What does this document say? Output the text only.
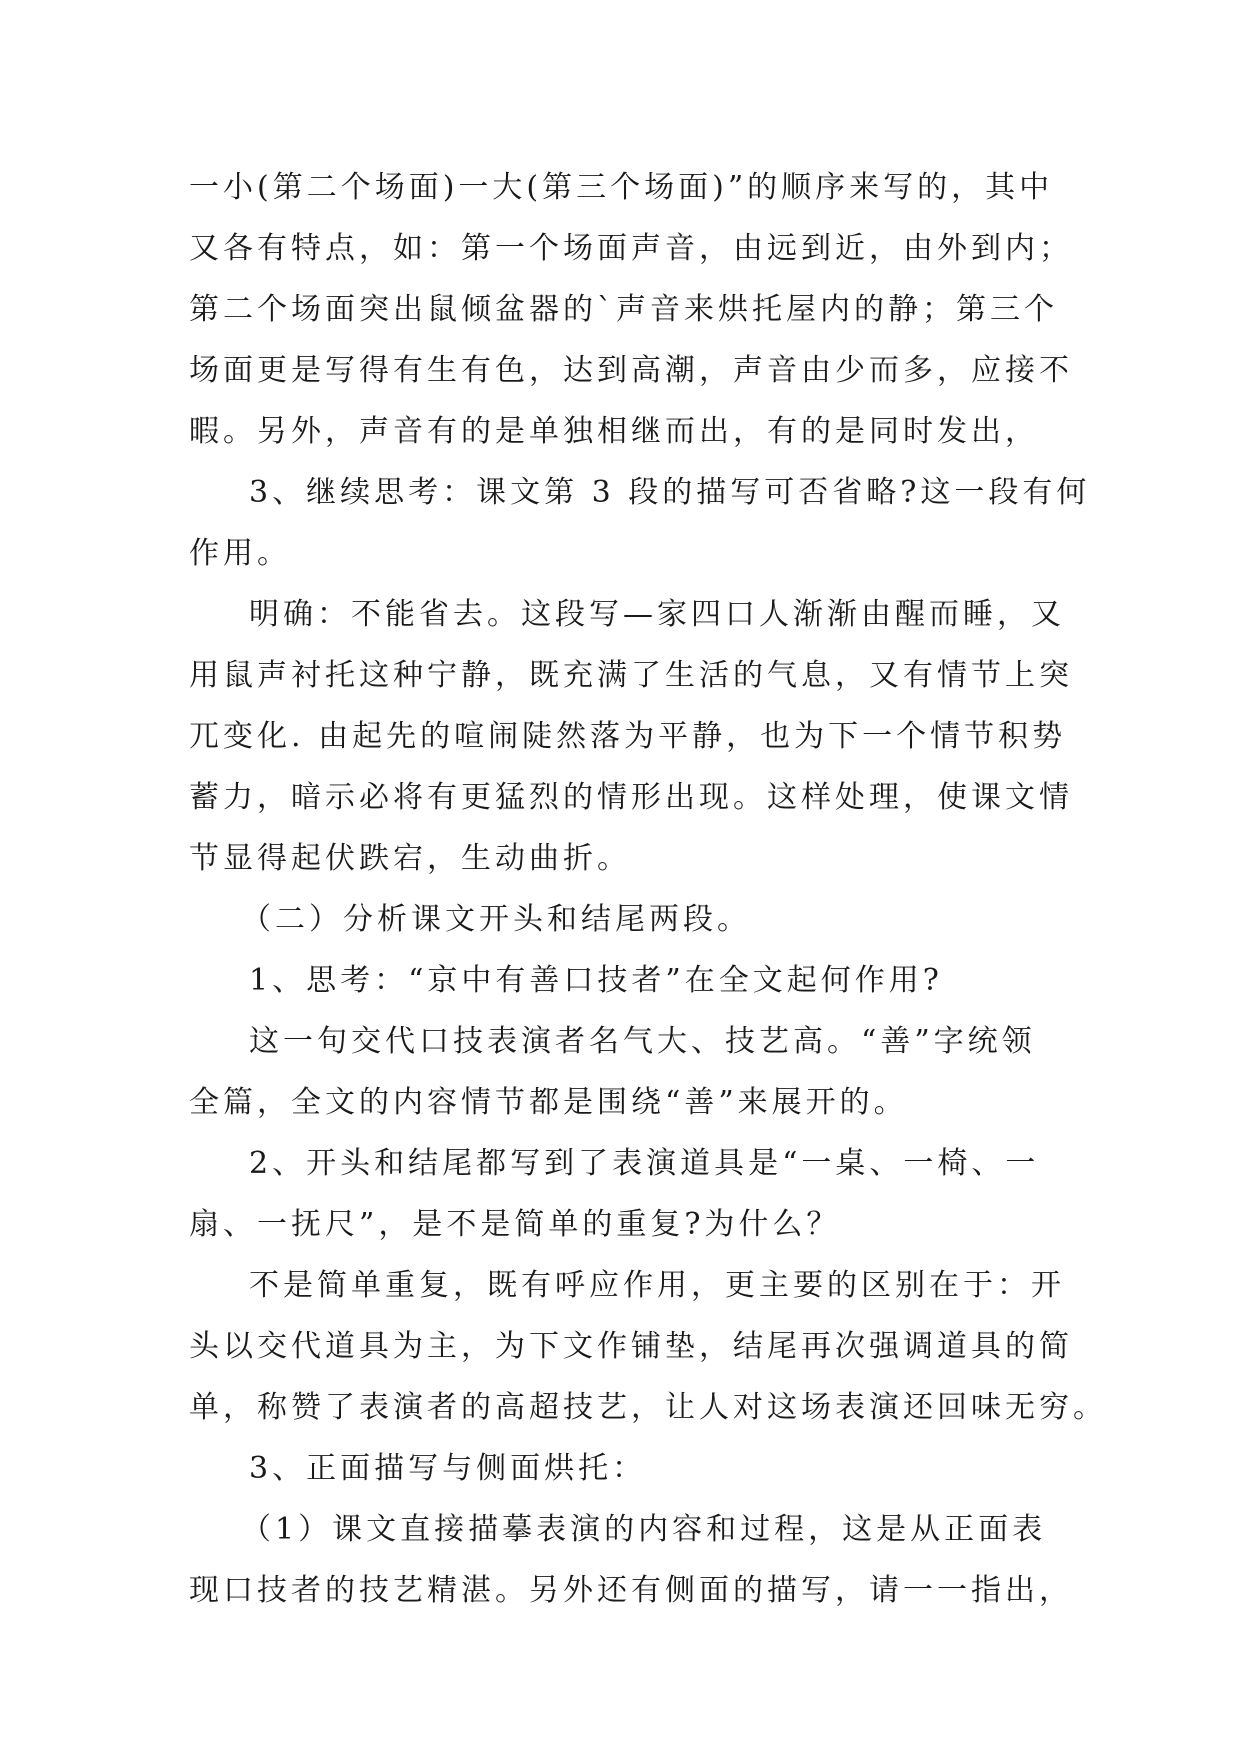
一小(第二个场面)一大(第三个场面)”的顺序来写的，其中
又各有特点，如：第一个场面声音，由远到近，由外到内；
第二个场面突出鼠倾盆器的`声音来烘托屋内的静；第三个
场面更是写得有生有色，达到高潮，声音由少而多，应接不
暇。另外，声音有的是单独相继而出，有的是同时发出，
3、继续思考：课文第 3 段的描写可否省略?这一段有何
作用。
明确：不能省去。这段写—家四口人渐渐由醒而睡，又
用鼠声衬托这种宁静，既充满了生活的气息，又有情节上突
兀变化. 由起先的喧闹陡然落为平静，也为下一个情节积势
蓄力，暗示必将有更猛烈的情形出现。这样处理，使课文情
节显得起伏跌宕，生动曲折。
（二）分析课文开头和结尾两段。
1、思考：“京中有善口技者”在全文起何作用?
这一句交代口技表演者名气大、技艺高。“善”字统领
全篇，全文的内容情节都是围绕“善”来展开的。
2、开头和结尾都写到了表演道具是“一桌、一椅、一
扇、一抚尺”，是不是简单的重复?为什么？
不是简单重复，既有呼应作用，更主要的区别在于：开
头以交代道具为主，为下文作铺垫，结尾再次强调道具的简
单，称赞了表演者的高超技艺，让人对这场表演还回味无穷。
3、正面描写与侧面烘托：
（1）课文直接描摹表演的内容和过程，这是从正面表
现口技者的技艺精湛。另外还有侧面的描写，请一一指出，
